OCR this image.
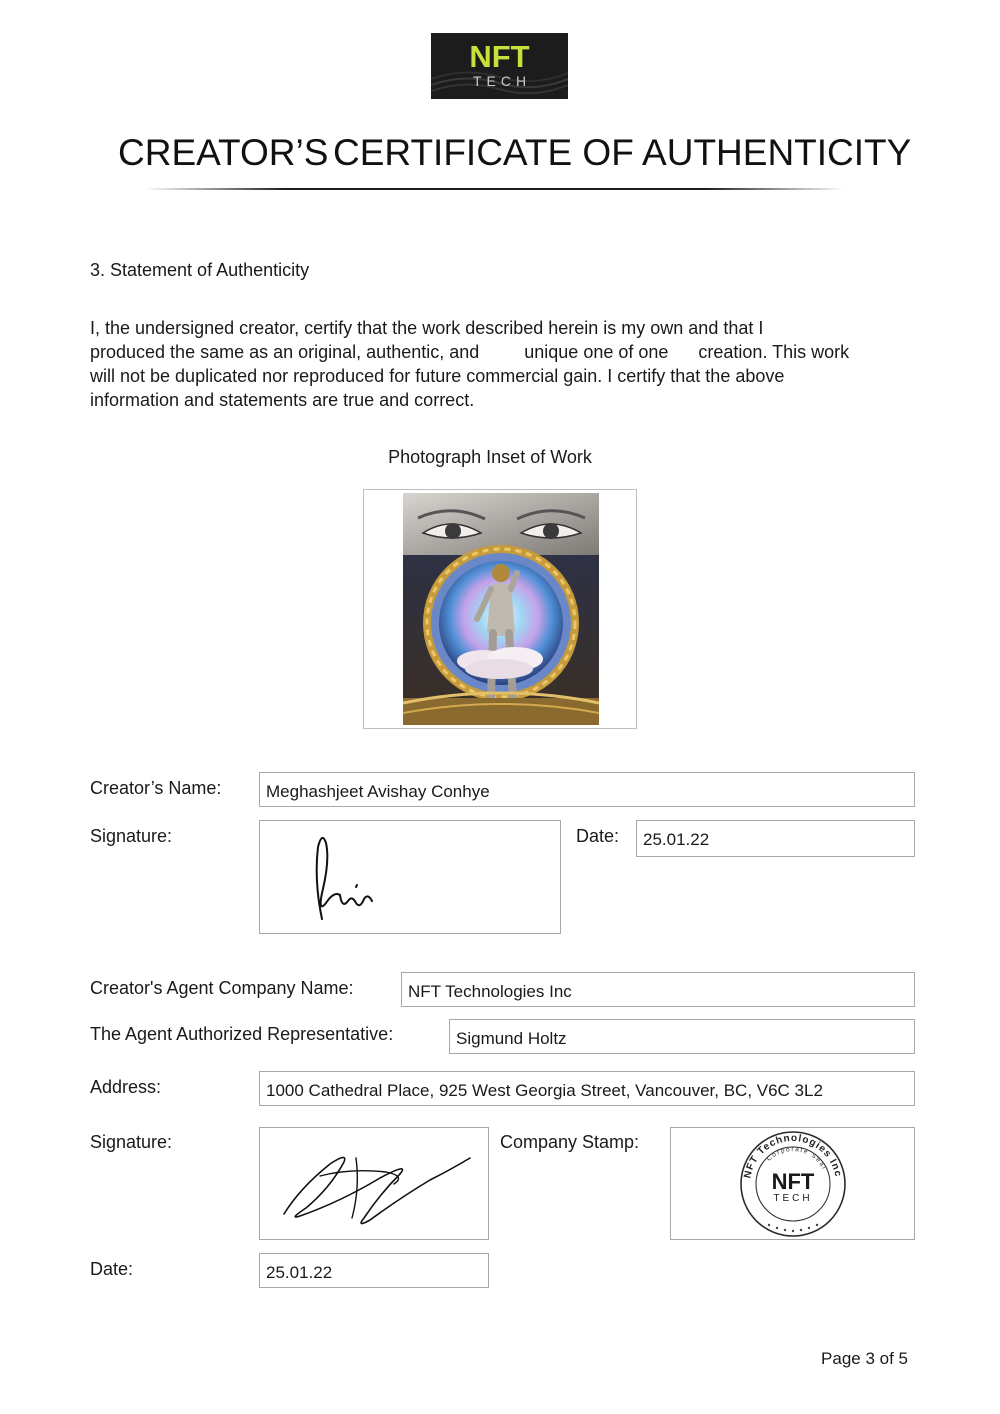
NFT
TECH
CREATOR’S CERTIFICATE OF AUTHENTICITY
3. Statement of Authenticity
I, the undersigned creator, certify that the work described herein is my own and that I
produced the same as an original, authentic, and         unique one of one      creation. This work
will not be duplicated nor reproduced for future commercial gain. I certify that the above
information and statements are true and correct.
Photograph Inset of Work
Creator’s Name:	Meghashjeet Avishay Conhye
Signature:	Date:	25.01.22
Creator's Agent Company Name:	NFT Technologies Inc
The Agent Authorized Representative:	Sigmund Holtz
Address:	1000 Cathedral Place, 925 West Georgia Street, Vancouver, BC, V6C 3L2
Signature:	Company Stamp:
NFT Technologies Inc
Corporate Seal
NFT
TECH
Date:	25.01.22
Page 3 of 5
